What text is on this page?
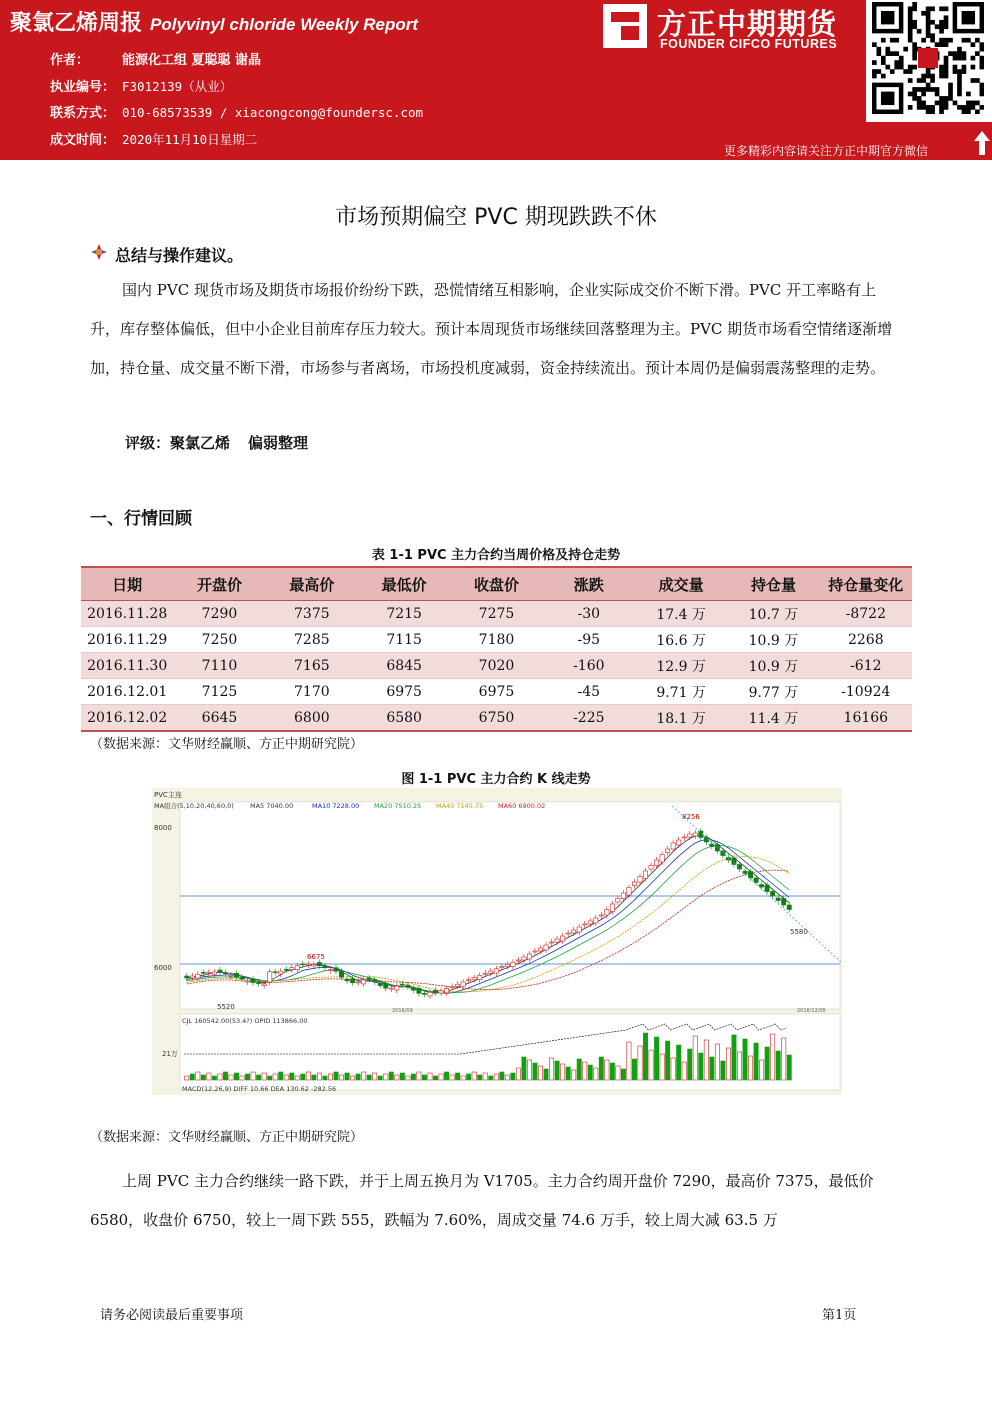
聚氯乙烯周报 Polyvinyl chloride Weekly Report
作者：	能源化工组 夏聪聪 谢晶
执业编号： F3012139（从业）
联系方式： 010-68573539 / xiacongcong@foundersc.com
成文时间： 2020年11月10日星期二
方正中期期货
FOUNDER CIFCO FUTURES
更多精彩内容请关注方正中期官方微信
市场预期偏空 PVC 期现跌跌不休
总结与操作建议。
国内 PVC 现货市场及期货市场报价纷纷下跌，恐慌情绪互相影响，企业实际成交价不断下滑。PVC 开工率略有上升，库存整体偏低，但中小企业目前库存压力较大。预计本周现货市场继续回落整理为主。PVC 期货市场看空情绪逐渐增加，持仓量、成交量不断下滑，市场参与者离场，市场投机度减弱，资金持续流出。预计本周仍是偏弱震荡整理的走势。
评级：聚氯乙烯 偏弱整理
一、行情回顾
表 1-1 PVC 主力合约当周价格及持仓走势
日期	开盘价	最高价	最低价	收盘价	涨跌	成交量	持仓量	持仓量变化
2016.11.28	7290	7375	7215	7275	-30	17.4 万	10.7 万	-8722
2016.11.29	7250	7285	7115	7180	-95	16.6 万	10.9 万	2268
2016.11.30	7110	7165	6845	7020	-160	12.9 万	10.9 万	-612
2016.12.01	7125	7170	6975	6975	-45	9.71 万	9.77 万	-10924
2016.12.02	6645	6800	6580	6750	-225	18.1 万	11.4 万	16166
（数据来源：文华财经赢顺、方正中期研究院）
图 1-1 PVC 主力合约 K 线走势
MA组合(5,10,20,40,60,0) MA5 7040.00	MA10 7228.00 MA20 7510.25 MA40 7145.75 MA60 6900.02
PVC主连
8000
6000
8256
6675
5520
5580
2016/09	2016/12/05
CJL 160542.00(53.4?) OPID 113866.00
21万
MACD(12,26,9) DIFF 10.66 DEA 130.62 -282.56
（数据来源：文华财经赢顺、方正中期研究院）
上周 PVC 主力合约继续一路下跌，并于上周五换月为 V1705。主力合约周开盘价 7290，最高价 7375，最低价 6580，收盘价 6750，较上一周下跌 555，跌幅为 7.60%，周成交量 74.6 万手，较上周大减 63.5 万
请务必阅读最后重要事项	第1页
